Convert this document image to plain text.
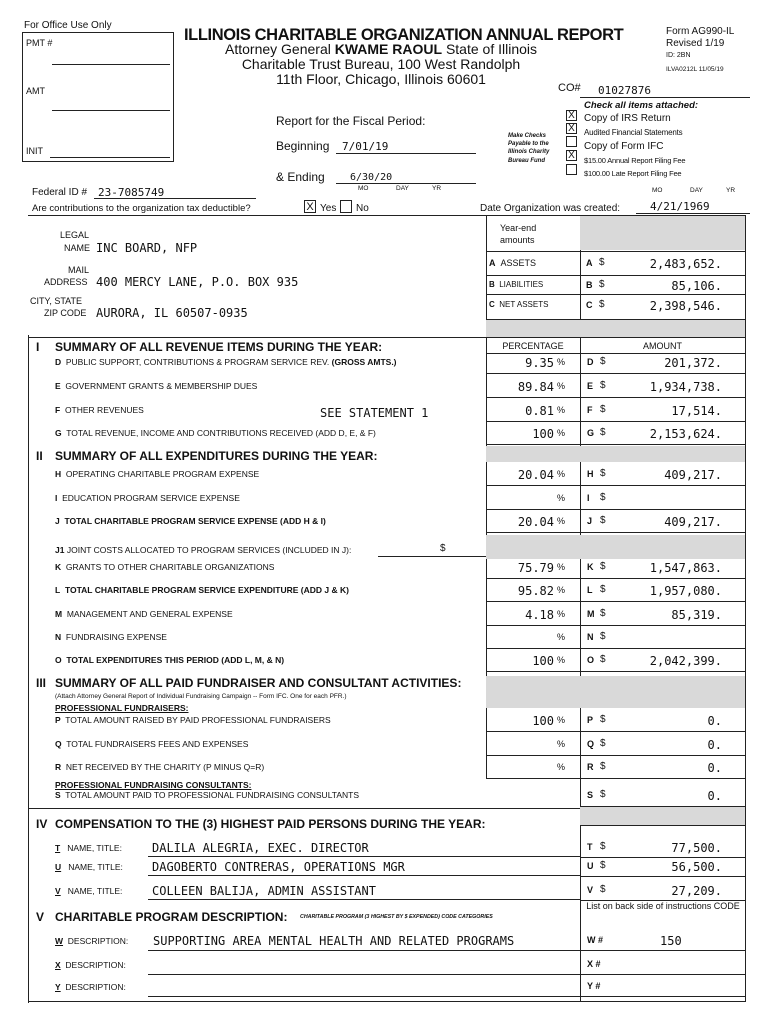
For Office Use Only
PMT #
AMT
INIT
ILLINOIS CHARITABLE ORGANIZATION ANNUAL REPORT
Attorney General KWAME RAOUL State of Illinois
Charitable Trust Bureau, 100 West Randolph
11th Floor, Chicago, Illinois 60601
Form AG990-IL
Revised 1/19
ID: 2BN
ILVA0212L 11/05/19
CO# 01027876
Report for the Fiscal Period:
Beginning 7/01/19
& Ending	6/30/20
MO	DAY	YR
Make Checks Payable to the Illinois Charity Bureau Fund
Check all items attached:
X Copy of IRS Return
X Audited Financial Statements
Copy of Form IFC
X $15.00 Annual Report Filing Fee
$100.00 Late Report Filing Fee
Federal ID # 23-7085749
Are contributions to the organization tax deductible?	X Yes No
MO	DAY	YR
Date Organization was created:	4/21/1969
LEGAL
NAME INC BOARD, NFP
MAIL
ADDRESS 400 MERCY LANE, P.O. BOX 935
CITY, STATE
ZIP CODE AURORA, IL 60507-0935
Year-end amounts
A ASSETS	A $	2,483,652.
B LIABILITIES	B $	85,106.
C NET ASSETS	C $	2,398,546.
I SUMMARY OF ALL REVENUE ITEMS DURING THE YEAR:	PERCENTAGE	AMOUNT
D PUBLIC SUPPORT, CONTRIBUTIONS & PROGRAM SERVICE REV. (GROSS AMTS.)	9.35 % D $	201,372.
E GOVERNMENT GRANTS & MEMBERSHIP DUES	89.84 % E $	1,934,738.
F OTHER REVENUES	SEE STATEMENT 1	0.81 % F $	17,514.
G TOTAL REVENUE, INCOME AND CONTRIBUTIONS RECEIVED (ADD D, E, & F)	100 % G $	2,153,624.
H OPERATING CHARITABLE PROGRAM EXPENSE	20.04 % H $	409,217.
I EDUCATION PROGRAM SERVICE EXPENSE	% I $
J TOTAL CHARITABLE PROGRAM SERVICE EXPENSE (ADD H & I)	20.04 % J $	409,217.
K GRANTS TO OTHER CHARITABLE ORGANIZATIONS	75.79 % K $	1,547,863.
L TOTAL CHARITABLE PROGRAM SERVICE EXPENDITURE (ADD J & K)	95.82 % L $	1,957,080.
M MANAGEMENT AND GENERAL EXPENSE	4.18 % M $	85,319.
N FUNDRAISING EXPENSE	% N $
O TOTAL EXPENDITURES THIS PERIOD (ADD L, M, & N)	100 % O $	2,042,399.
P TOTAL AMOUNT RAISED BY PAID PROFESSIONAL FUNDRAISERS	100 % P $	0.
Q TOTAL FUNDRAISERS FEES AND EXPENSES	% Q $	0.
R NET RECEIVED BY THE CHARITY (P MINUS Q=R)	% R $	0.
S TOTAL AMOUNT PAID TO PROFESSIONAL FUNDRAISING CONSULTANTS	S $	0.
II SUMMARY OF ALL EXPENDITURES DURING THE YEAR:
J1 JOINT COSTS ALLOCATED TO PROGRAM SERVICES (INCLUDED IN J):	$
III SUMMARY OF ALL PAID FUNDRAISER AND CONSULTANT ACTIVITIES:
(Attach Attorney General Report of Individual Fundraising Campaign -- Form IFC. One for each PFR.)
PROFESSIONAL FUNDRAISERS:
PROFESSIONAL FUNDRAISING CONSULTANTS:
IV COMPENSATION TO THE (3) HIGHEST PAID PERSONS DURING THE YEAR:
T NAME, TITLE:	DALILA ALEGRIA, EXEC. DIRECTOR	T $	77,500.
U NAME, TITLE: DAGOBERTO CONTRERAS, OPERATIONS MGR	U $	56,500.
V NAME, TITLE: COLLEEN BALIJA, ADMIN ASSISTANT	V $	27,209.
V CHARITABLE PROGRAM DESCRIPTION: CHARITABLE PROGRAM (3 HIGHEST BY $ EXPENDED) CODE CATEGORIES
List on back side of instructions CODE
W DESCRIPTION: SUPPORTING AREA MENTAL HEALTH AND RELATED PROGRAMS	W #	150
X DESCRIPTION:	X #
Y DESCRIPTION:	Y #
